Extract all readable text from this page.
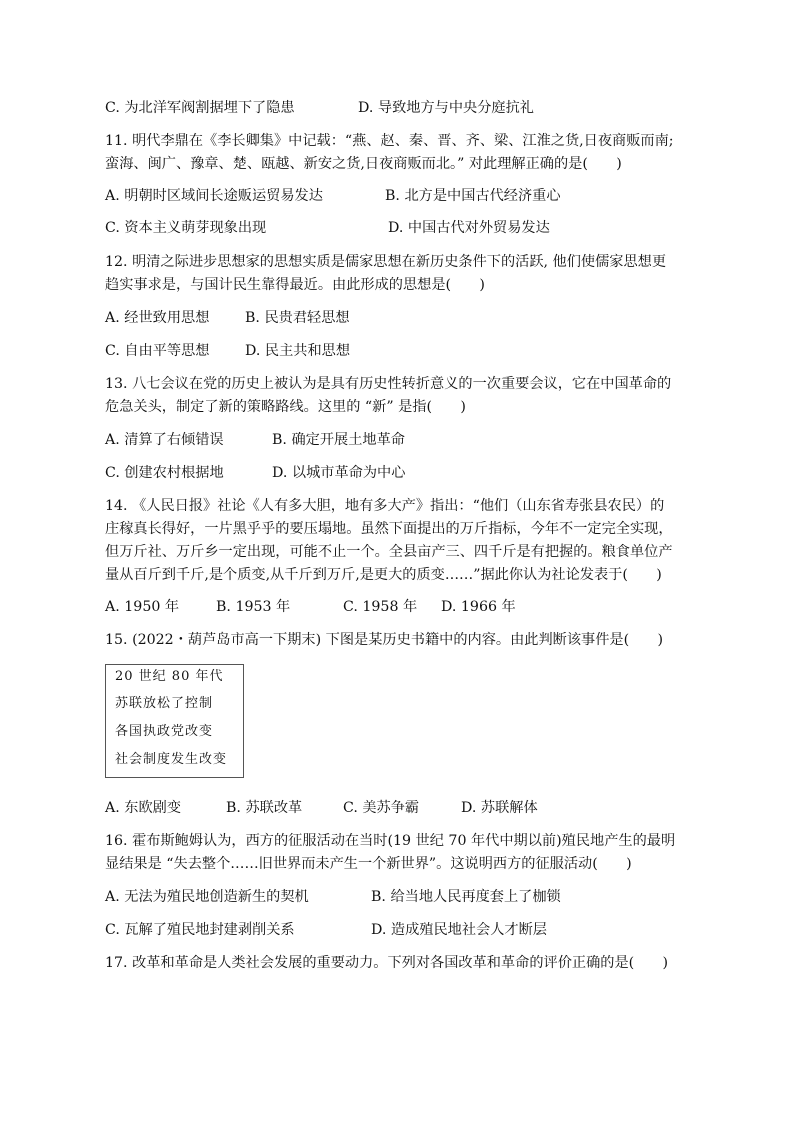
C. 为北洋军阀割据埋下了隐患	D. 导致地方与中央分庭抗礼
11. 明代李鼎在《李长卿集》中记载：“燕、赵、秦、晋、齐、梁、江淮之货,日夜商贩而南;
蛮海、闽广、豫章、楚、瓯越、新安之货,日夜商贩而北。” 对此理解正确的是(　　)
A. 明朝时区域间长途贩运贸易发达	B. 北方是中国古代经济重心
C. 资本主义萌芽现象出现	D. 中国古代对外贸易发达
12. 明清之际进步思想家的思想实质是儒家思想在新历史条件下的活跃, 他们使儒家思想更
趋实事求是，与国计民生靠得最近。由此形成的思想是(　　)
A. 经世致用思想	B. 民贵君轻思想
C. 自由平等思想	D. 民主共和思想
13. 八七会议在党的历史上被认为是具有历史性转折意义的一次重要会议，它在中国革命的
危急关头，制定了新的策略路线。这里的 “新” 是指(　　)
A. 清算了右倾错误	B. 确定开展土地革命
C. 创建农村根据地	D. 以城市革命为中心
14. 《人民日报》社论《人有多大胆，地有多大产》指出：“他们（山东省寿张县农民）的
庄稼真长得好，一片黑乎乎的要压塌地。虽然下面提出的万斤指标，今年不一定完全实现，
但万斤社、万斤乡一定出现，可能不止一个。全县亩产三、四千斤是有把握的。粮食单位产
量从百斤到千斤,是个质变,从千斤到万斤,是更大的质变……”据此你认为社论发表于(　　)
A. 1950 年	B. 1953 年	C. 1958 年 D. 1966 年
15. (2022・葫芦岛市高一下期末) 下图是某历史书籍中的内容。由此判断该事件是(　　)
20 世纪 80 年代
苏联放松了控制
各国执政党改变
社会制度发生改变
A. 东欧剧变	B. 苏联改革	C. 美苏争霸	D. 苏联解体
16. 霍布斯鲍姆认为，西方的征服活动在当时(19 世纪 70 年代中期以前)殖民地产生的最明
显结果是 “失去整个……旧世界而未产生一个新世界”。这说明西方的征服活动(　　)
A. 无法为殖民地创造新生的契机	B. 给当地人民再度套上了枷锁
C. 瓦解了殖民地封建剥削关系	D. 造成殖民地社会人才断层
17. 改革和革命是人类社会发展的重要动力。下列对各国改革和革命的评价正确的是(　　)
